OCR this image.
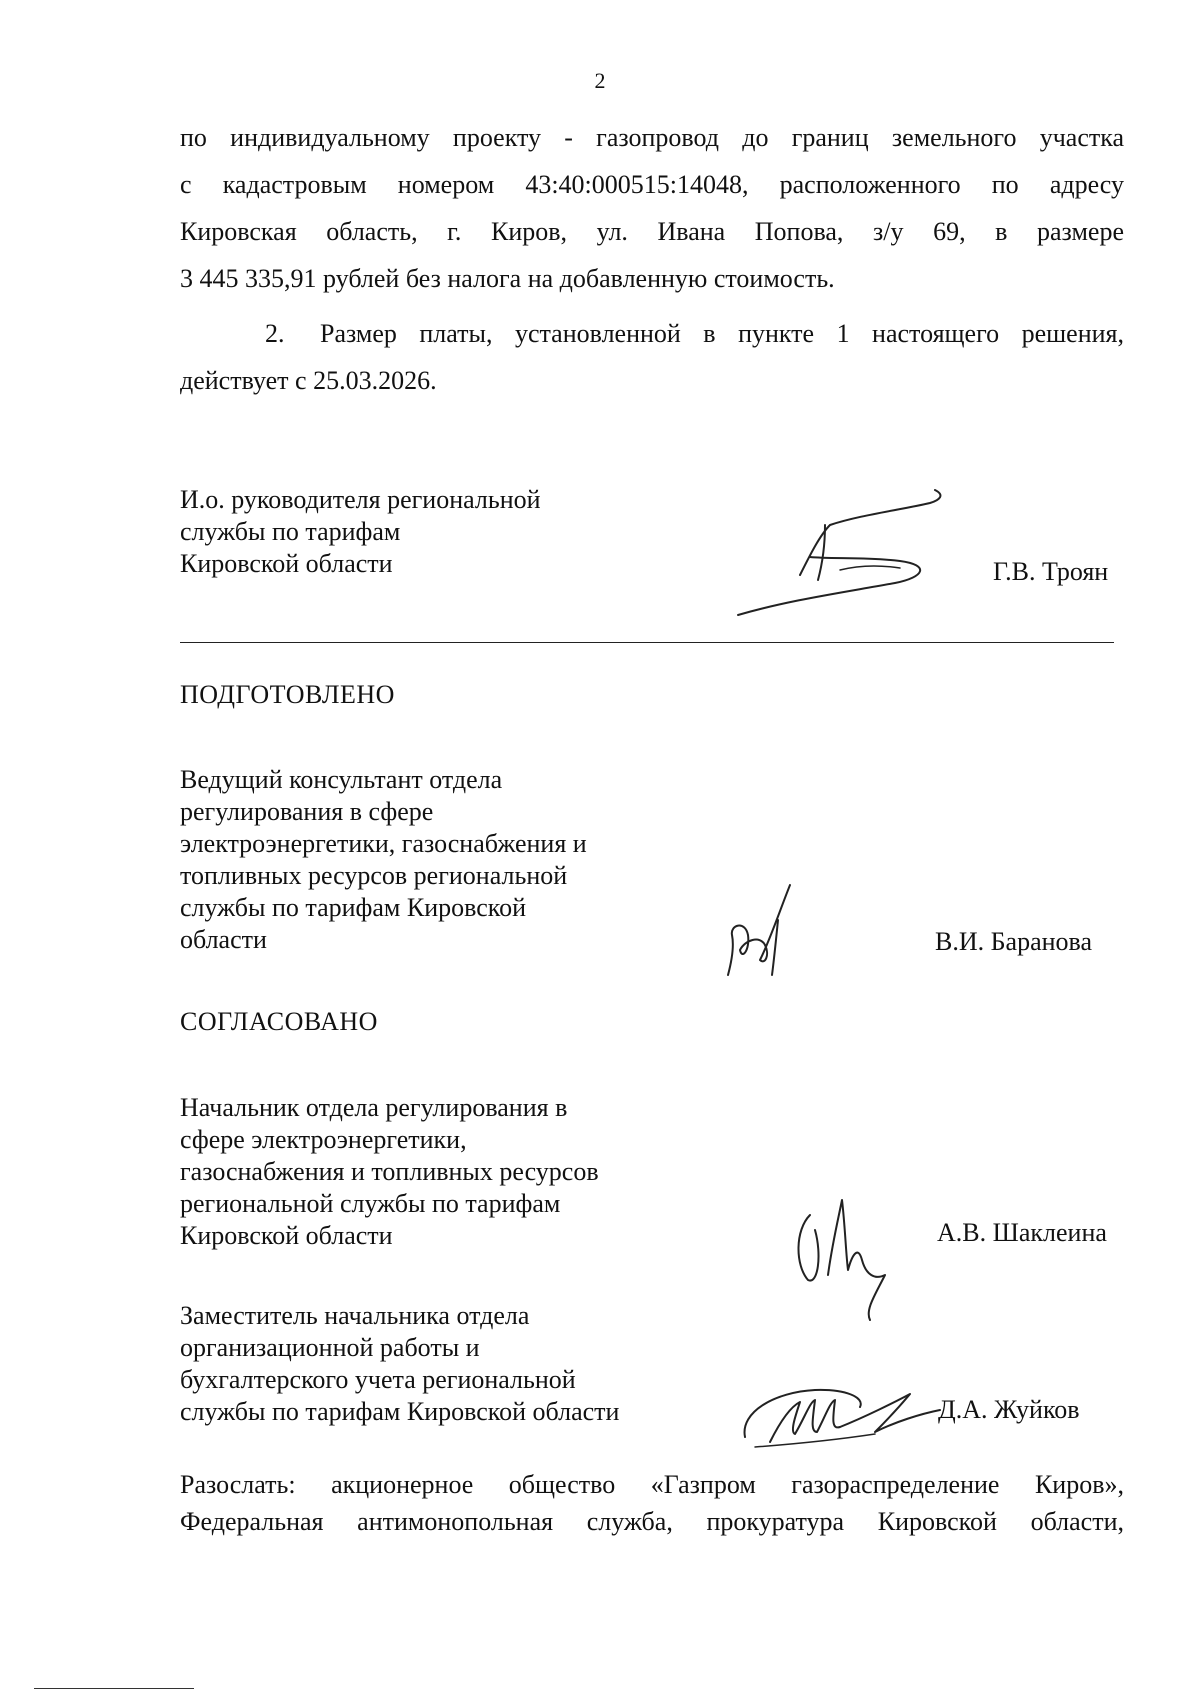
2
по индивидуальному проекту - газопровод до границ земельного участка
с кадастровым номером 43:40:000515:14048, расположенного по адресу
Кировская область, г. Киров, ул. Ивана Попова, з/у 69, в размере
3 445 335,91 рублей без налога на добавленную стоимость.
2. Размер платы, установленной в пункте 1 настоящего решения,
действует с 25.03.2026.
И.о. руководителя региональной
службы по тарифам
Кировской области	Г.В. Троян
ПОДГОТОВЛЕНО
Ведущий консультант отдела
регулирования в сфере
электроэнергетики, газоснабжения и
топливных ресурсов региональной
службы по тарифам Кировской
области	В.И. Баранова
СОГЛАСОВАНО
Начальник отдела регулирования в
сфере электроэнергетики,
газоснабжения и топливных ресурсов
региональной службы по тарифам
Кировской области	А.В. Шаклеина
Заместитель начальника отдела
организационной работы и
бухгалтерского учета региональной
службы по тарифам Кировской области	Д.А. Жуйков
Разослать: акционерное общество «Газпром газораспределение Киров»,
Федеральная антимонопольная служба, прокуратура Кировской области,
